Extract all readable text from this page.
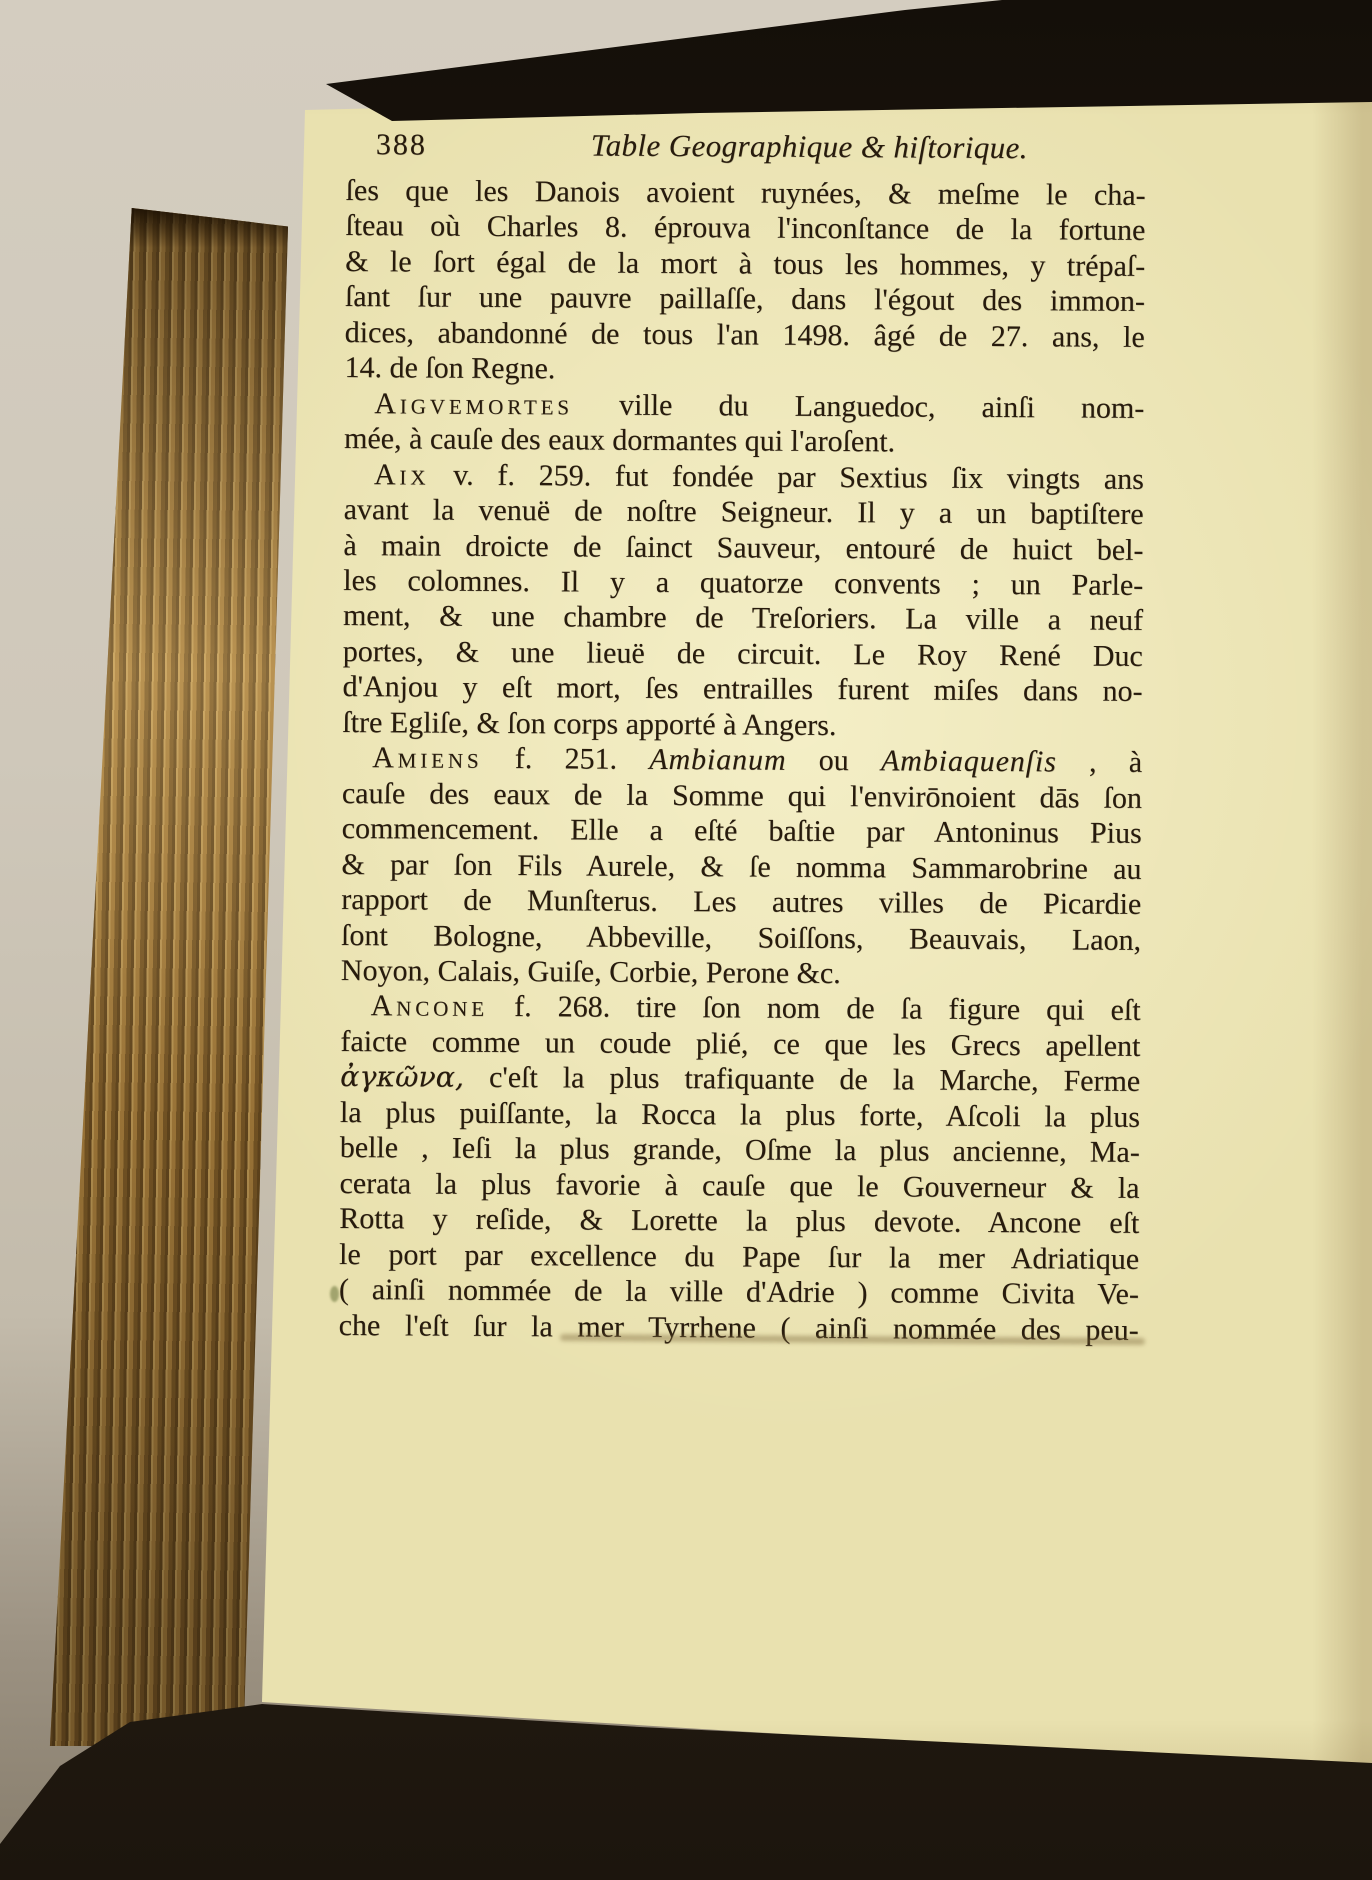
388	Table Geographique & hiſtorique.
ſes que les Danois avoient ruynées, & meſme le cha-
ſteau où Charles 8. éprouva l'inconſtance de la fortune
& le ſort égal de la mort à tous les hommes, y trépaſ-
ſant ſur une pauvre paillaſſe, dans l'égout des immon-
dices, abandonné de tous l'an 1498. âgé de 27. ans, le
14. de ſon Regne.
Aigvemortes ville du Languedoc, ainſi nom-
mée, à cauſe des eaux dormantes qui l'aroſent.
Aix v. f. 259. fut fondée par Sextius ſix vingts ans
avant la venuë de noſtre Seigneur. Il y a un baptiſtere
à main droicte de ſainct Sauveur, entouré de huict bel-
les colomnes. Il y a quatorze convents ; un Parle-
ment, & une chambre de Treſoriers. La ville a neuf
portes, & une lieuë de circuit. Le Roy René Duc
d'Anjou y eſt mort, ſes entrailles furent miſes dans no-
ſtre Egliſe, & ſon corps apporté à Angers.
Amiens f. 251. Ambianum ou Ambiaquenſis , à
cauſe des eaux de la Somme qui l'envirōnoient dās ſon
commencement. Elle a eſté baſtie par Antoninus Pius
& par ſon Fils Aurele, & ſe nomma Sammarobrine au
rapport de Munſterus. Les autres villes de Picardie
ſont Bologne, Abbeville, Soiſſons, Beauvais, Laon,
Noyon, Calais, Guiſe, Corbie, Perone &c.
Ancone f. 268. tire ſon nom de ſa figure qui eſt
faicte comme un coude plié, ce que les Grecs apellent
ἀγκῶνα, c'eſt la plus trafiquante de la Marche, Ferme
la plus puiſſante, la Rocca la plus forte, Aſcoli la plus
belle , Ieſi la plus grande, Oſme la plus ancienne, Ma-
cerata la plus favorie à cauſe que le Gouverneur & la
Rotta y reſide, & Lorette la plus devote. Ancone eſt
le port par excellence du Pape ſur la mer Adriatique
( ainſi nommée de la ville d'Adrie ) comme Civita Ve-
che l'eſt ſur la mer Tyrrhene ( ainſi nommée des peu-
